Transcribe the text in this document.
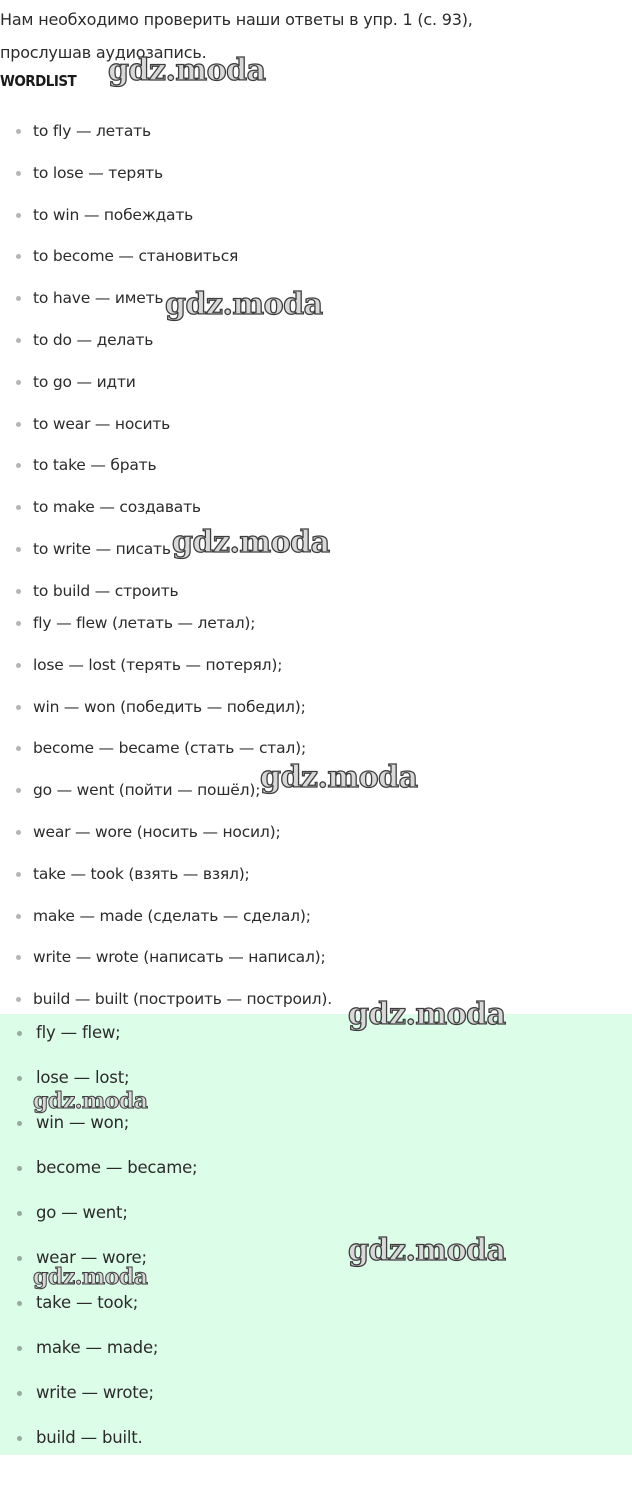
Нам необходимо проверить наши ответы в упр. 1 (с. 93), прослушав аудиозапись.
WORDLIST
to fly — летать
to lose — терять
to win — побеждать
to become — становиться
to have — иметь
to do — делать
to go — идти
to wear — носить
to take — брать
to make — создавать
to write — писать
to build — строить
fly — flew (летать — летал);
lose — lost (терять — потерял);
win — won (победить — победил);
become — became (стать — стал);
go — went (пойти — пошёл);
wear — wore (носить — носил);
take — took (взять — взял);
make — made (сделать — сделал);
write — wrote (написать — написал);
build — built (построить — построил).
fly — flew;
lose — lost;
win — won;
become — became;
go — went;
wear — wore;
take — took;
make — made;
write — wrote;
build — built.
gdz.moda
gdz.moda
gdz.moda
gdz.moda
gdz.moda
gdz.moda
gdz.moda
gdz.moda
